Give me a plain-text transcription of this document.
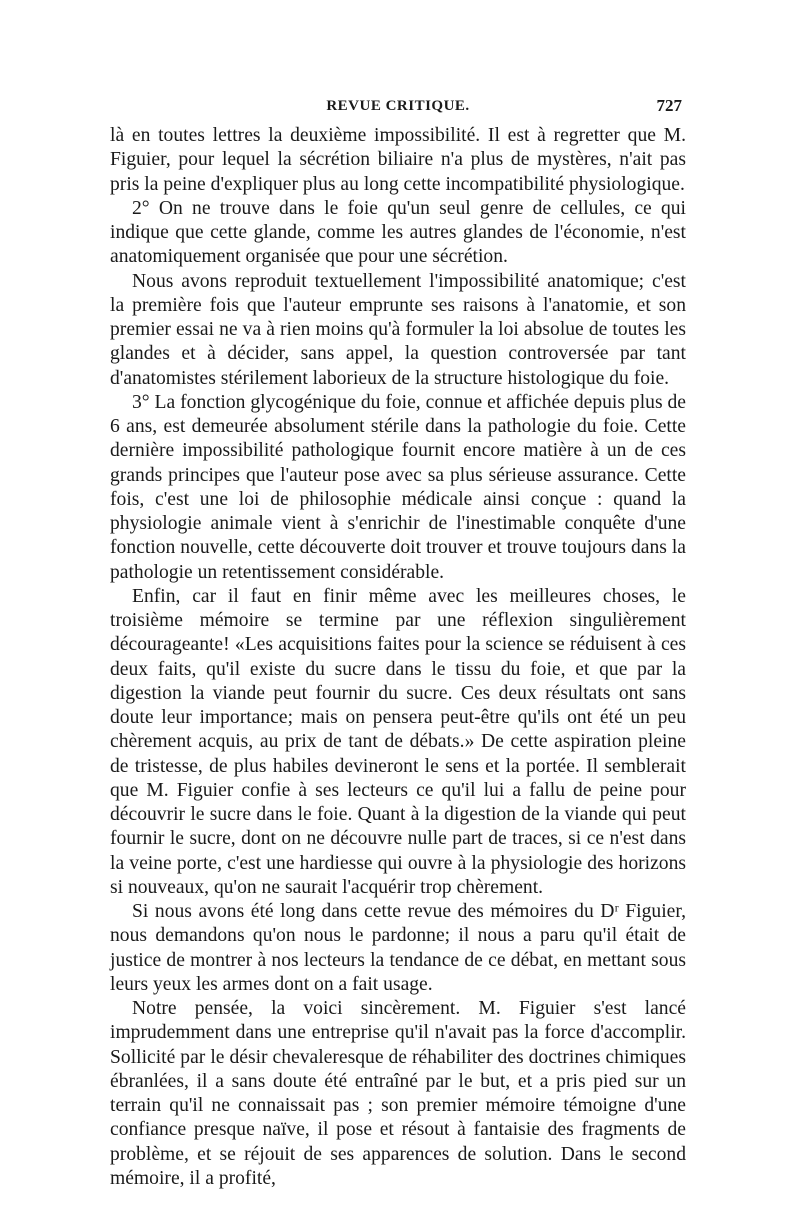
REVUE CRITIQUE.	727

là en toutes lettres la deuxième impossibilité. Il est à regretter que M. Figuier, pour lequel la sécrétion biliaire n'a plus de mystères, n'ait pas pris la peine d'expliquer plus au long cette incompatibilité physiologique.

2° On ne trouve dans le foie qu'un seul genre de cellules, ce qui indique que cette glande, comme les autres glandes de l'économie, n'est anatomiquement organisée que pour une sécrétion.

Nous avons reproduit textuellement l'impossibilité anatomique; c'est la première fois que l'auteur emprunte ses raisons à l'anatomie, et son premier essai ne va à rien moins qu'à formuler la loi absolue de toutes les glandes et à décider, sans appel, la question controversée par tant d'anatomistes stérilement laborieux de la structure histologique du foie.

3° La fonction glycogénique du foie, connue et affichée depuis plus de 6 ans, est demeurée absolument stérile dans la pathologie du foie. Cette dernière impossibilité pathologique fournit encore matière à un de ces grands principes que l'auteur pose avec sa plus sérieuse assurance. Cette fois, c'est une loi de philosophie médicale ainsi conçue : quand la physiologie animale vient à s'enrichir de l'inestimable conquête d'une fonction nouvelle, cette découverte doit trouver et trouve toujours dans la pathologie un retentissement considérable.

Enfin, car il faut en finir même avec les meilleures choses, le troisième mémoire se termine par une réflexion singulièrement décourageante! «Les acquisitions faites pour la science se réduisent à ces deux faits, qu'il existe du sucre dans le tissu du foie, et que par la digestion la viande peut fournir du sucre. Ces deux résultats ont sans doute leur importance; mais on pensera peut-être qu'ils ont été un peu chèrement acquis, au prix de tant de débats.» De cette aspiration pleine de tristesse, de plus habiles devineront le sens et la portée. Il semblerait que M. Figuier confie à ses lecteurs ce qu'il lui a fallu de peine pour découvrir le sucre dans le foie. Quant à la digestion de la viande qui peut fournir le sucre, dont on ne découvre nulle part de traces, si ce n'est dans la veine porte, c'est une hardiesse qui ouvre à la physiologie des horizons si nouveaux, qu'on ne saurait l'acquérir trop chèrement.

Si nous avons été long dans cette revue des mémoires du Dʳ Figuier, nous demandons qu'on nous le pardonne; il nous a paru qu'il était de justice de montrer à nos lecteurs la tendance de ce débat, en mettant sous leurs yeux les armes dont on a fait usage.

Notre pensée, la voici sincèrement. M. Figuier s'est lancé imprudemment dans une entreprise qu'il n'avait pas la force d'accomplir. Sollicité par le désir chevaleresque de réhabiliter des doctrines chimiques ébranlées, il a sans doute été entraîné par le but, et a pris pied sur un terrain qu'il ne connaissait pas ; son premier mémoire témoigne d'une confiance presque naïve, il pose et résout à fantaisie des fragments de problème, et se réjouit de ses apparences de solution. Dans le second mémoire, il a profité,
